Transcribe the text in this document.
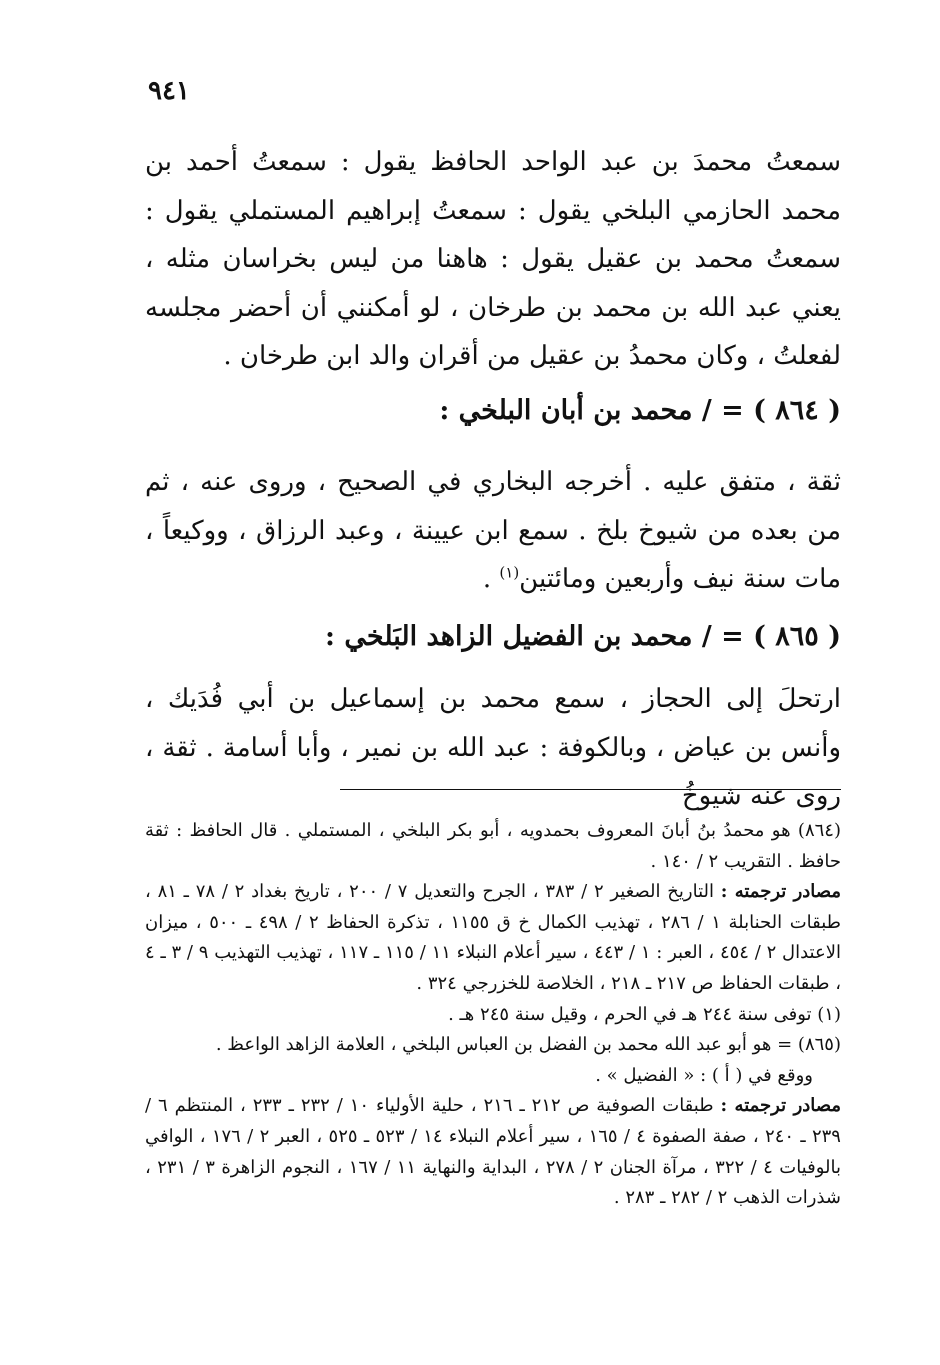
٩٤١

سمعتُ محمدَ بن عبد الواحد الحافظ يقول : سمعتُ أحمد بن محمد الحازمي البلخي يقول : سمعتُ إبراهيم المستملي يقول : سمعتُ محمد بن عقيل يقول : هاهنا من ليس بخراسان مثله ، يعني عبد الله بن محمد بن طرخان ، لو أمكنني أن أحضر مجلسه لفعلتُ ، وكان محمدُ بن عقيل من أقران والد ابن طرخان .

( ٨٦٤ ) = / محمد بن أبان البلخي :

ثقة ، متفق عليه . أخرجه البخاري في الصحيح ، وروى عنه ، ثم من بعده من شيوخ بلخ . سمع ابن عيينة ، وعبد الرزاق ، ووكيعاً ، مات سنة نيف وأربعين ومائتين$^{(١)}$ .

( ٨٦٥ ) = / محمد بن الفضيل الزاهد البَلخي :

ارتحلَ إلى الحجاز ، سمع محمد بن إسماعيل بن أبي فُدَيك ، وأنس بن عياض ، وبالكوفة : عبد الله بن نمير ، وأبا أسامة . ثقة ، روى عنه شيوخُ

(٨٦٤) هو محمدُ بنُ أبانَ المعروف بحمدويه ، أبو بكر البلخي ، المستملي . قال الحافظ : ثقة حافظ . التقريب ٢ / ١٤٠ .

مصادر ترجمته : التاريخ الصغير ٢ / ٣٨٣ ، الجرح والتعديل ٧ / ٢٠٠ ، تاريخ بغداد ٢ / ٧٨ ـ ٨١ ، طبقات الحنابلة ١ / ٢٨٦ ، تهذيب الكمال خ ق ١١٥٥ ، تذكرة الحفاظ ٢ / ٤٩٨ ـ ٥٠٠ ، ميزان الاعتدال ٢ / ٤٥٤ ، العبر : ١ / ٤٤٣ ، سير أعلام النبلاء ١١ / ١١٥ ـ ١١٧ ، تهذيب التهذيب ٩ / ٣ ـ ٤ ، طبقات الحفاظ ص ٢١٧ ـ ٢١٨ ، الخلاصة للخزرجي ٣٢٤ .

(١) توفى سنة ٢٤٤ هـ في الحرم ، وقيل سنة ٢٤٥ هـ .

(٨٦٥) = هو أبو عبد الله محمد بن الفضل بن العباس البلخي ، العلامة الزاهد الواعظ .

ووقع في ( أ ) : « الفضيل » .

مصادر ترجمته : طبقات الصوفية ص ٢١٢ ـ ٢١٦ ، حلية الأولياء ١٠ / ٢٣٢ ـ ٢٣٣ ، المنتظم ٦ / ٢٣٩ ـ ٢٤٠ ، صفة الصفوة ٤ / ١٦٥ ، سير أعلام النبلاء ١٤ / ٥٢٣ ـ ٥٢٥ ، العبر ٢ / ١٧٦ ، الوافي بالوفيات ٤ / ٣٢٢ ، مرآة الجنان ٢ / ٢٧٨ ، البداية والنهاية ١١ / ١٦٧ ، النجوم الزاهرة ٣ / ٢٣١ ، شذرات الذهب ٢ / ٢٨٢ ـ ٢٨٣ .
